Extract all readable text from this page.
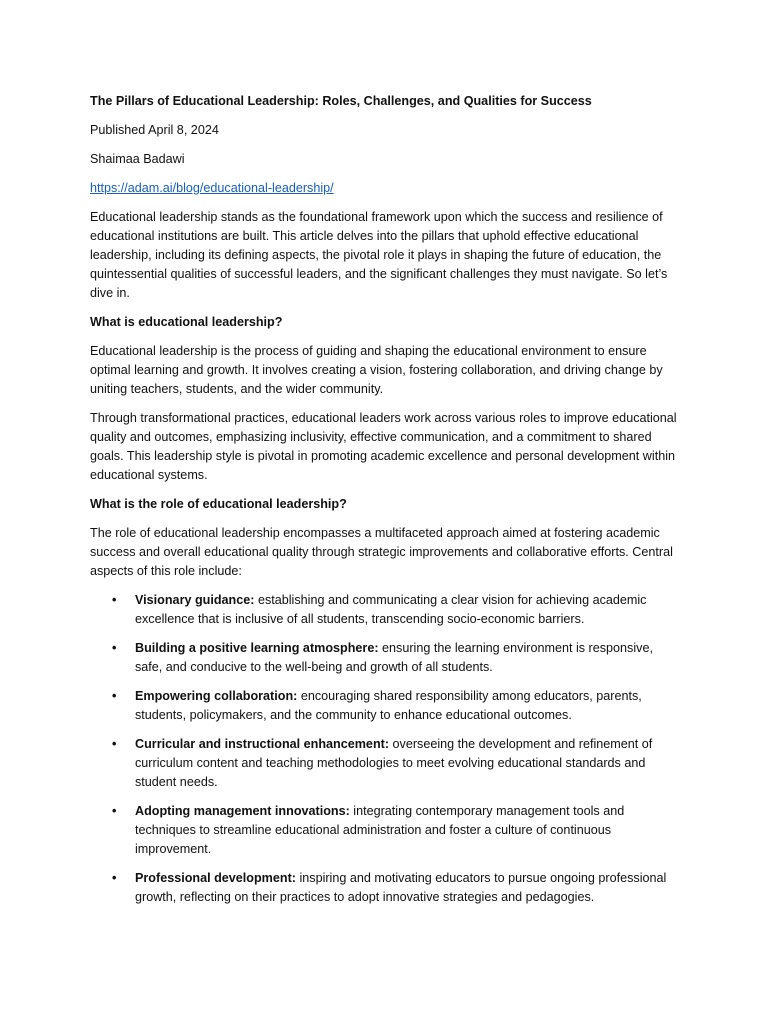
The Pillars of Educational Leadership: Roles, Challenges, and Qualities for Success

Published April 8, 2024

Shaimaa Badawi

https://adam.ai/blog/educational-leadership/

Educational leadership stands as the foundational framework upon which the success and resilience of educational institutions are built. This article delves into the pillars that uphold effective educational leadership, including its defining aspects, the pivotal role it plays in shaping the future of education, the quintessential qualities of successful leaders, and the significant challenges they must navigate. So let’s dive in.

What is educational leadership?

Educational leadership is the process of guiding and shaping the educational environment to ensure optimal learning and growth. It involves creating a vision, fostering collaboration, and driving change by uniting teachers, students, and the wider community.

Through transformational practices, educational leaders work across various roles to improve educational quality and outcomes, emphasizing inclusivity, effective communication, and a commitment to shared goals. This leadership style is pivotal in promoting academic excellence and personal development within educational systems.

What is the role of educational leadership?

The role of educational leadership encompasses a multifaceted approach aimed at fostering academic success and overall educational quality through strategic improvements and collaborative efforts. Central aspects of this role include:

• Visionary guidance: establishing and communicating a clear vision for achieving academic excellence that is inclusive of all students, transcending socio-economic barriers.
• Building a positive learning atmosphere: ensuring the learning environment is responsive, safe, and conducive to the well-being and growth of all students.
• Empowering collaboration: encouraging shared responsibility among educators, parents, students, policymakers, and the community to enhance educational outcomes.
• Curricular and instructional enhancement: overseeing the development and refinement of curriculum content and teaching methodologies to meet evolving educational standards and student needs.
• Adopting management innovations: integrating contemporary management tools and techniques to streamline educational administration and foster a culture of continuous improvement.
• Professional development: inspiring and motivating educators to pursue ongoing professional growth, reflecting on their practices to adopt innovative strategies and pedagogies.
